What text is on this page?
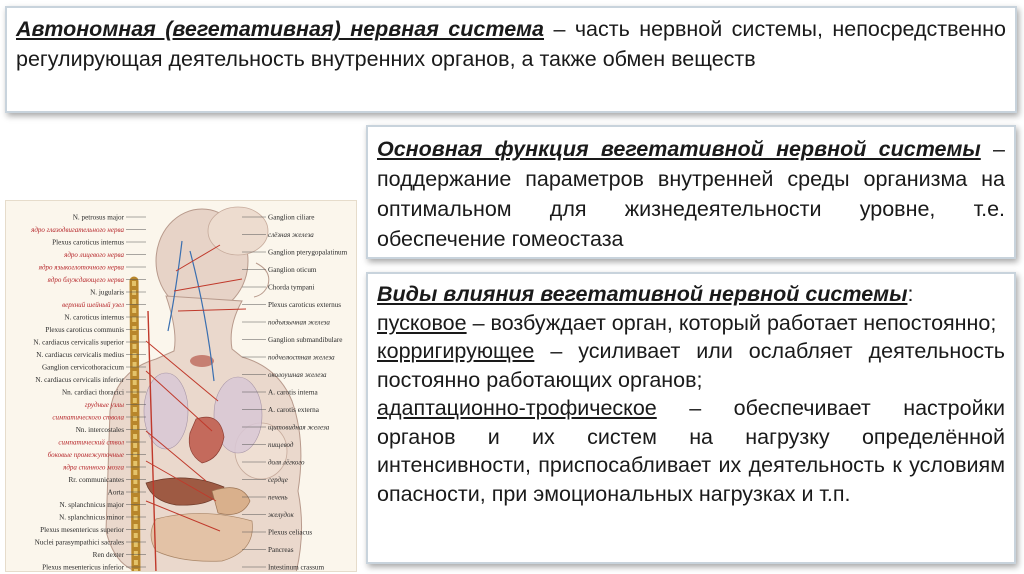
Автономная (вегетативная) нервная система – часть нервной системы, непосредственно регулирующая деятельность внутренних органов, а также обмен веществ
Основная функция вегетативной нервной системы – поддержание параметров внутренней среды организма на оптимальном для жизнедеятельности уровне, т.е. обеспечение гомеостаза
Виды влияния вегетативной нервной системы:

пусковое – возбуждает орган, который работает непостоянно;

корригирующее – усиливает или ослабляет деятельность постоянно работающих органов;

адаптационно-трофическое – обеспечивает настройки органов и их систем на нагрузку определённой интенсивности, приспосабливает их деятельность к условиям опасности, при эмоциональных нагрузках и т.п.

N. petrosus major
ядро глазодвигательного нерва
Plexus caroticus internus
ядро лицевого нерва
ядро языкоглоточного нерва
ядро блуждающего нерва
N. jugularis
верхний шейный узел
N. caroticus internus
Plexus caroticus communis
N. cardiacus cervicalis superior
N. cardiacus cervicalis medius
Ganglion cervicothoracicum
N. cardiacus cervicalis inferior
Nn. cardiaci thoracici
грудные узлы
симпатического ствола
Nn. intercostales
симпатический ствол
боковые промежуточные
ядра спинного мозга
Rr. communicantes
Aorta
N. splanchnicus major
N. splanchnicus minor
Plexus mesentericus superior
Nuclei parasympathici sacrales
Ren dexter
Plexus mesentericus inferior
Ganglion ciliare
слёзная железа
Ganglion pterygopalatinum
Ganglion oticum
Chorda tympani
Plexus caroticus externus
подъязычная железа
Ganglion submandibulare
подчелюстная железа
околоушная железа
A. carotis interna
A. carotis externa
щитовидная железа
пищевод
доля лёгкого
сердце
печень
желудок
Plexus celiacus
Pancreas
Intestinum crassum
